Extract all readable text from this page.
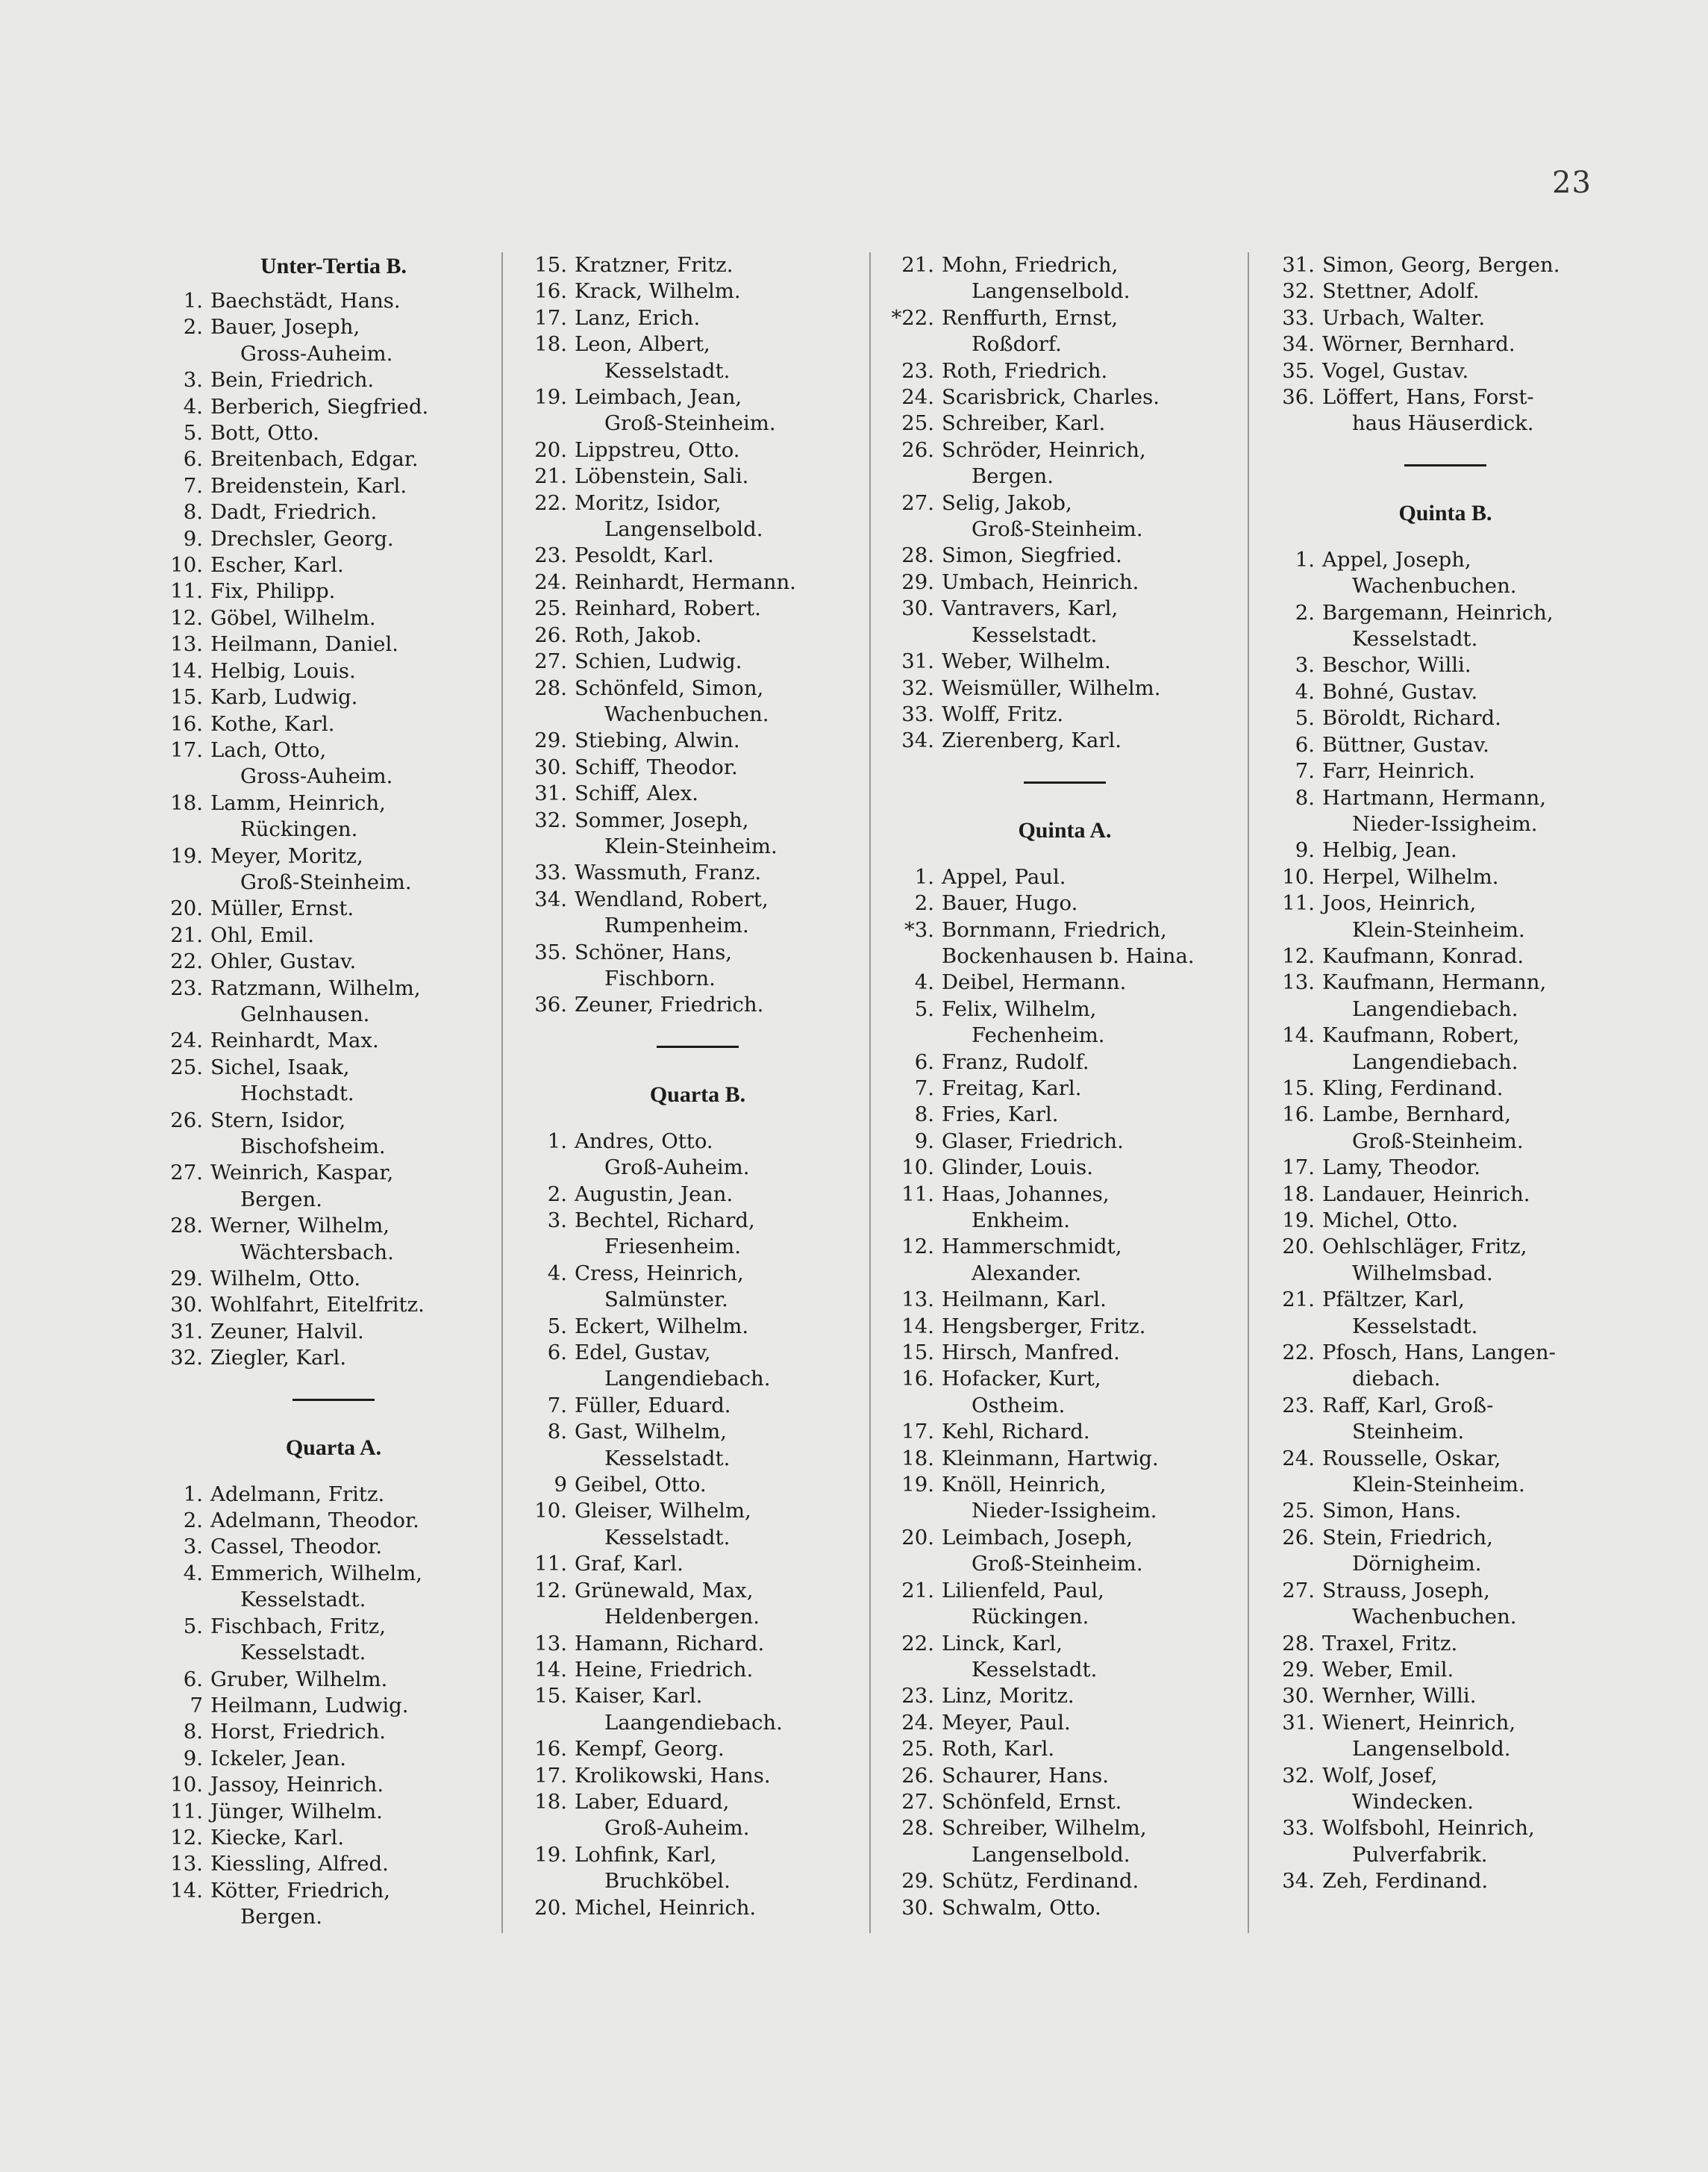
23
Unter-Tertia B.
1. Baechstädt, Hans.
2. Bauer, Joseph,
Gross-Auheim.
3. Bein, Friedrich.
4. Berberich, Siegfried.
5. Bott, Otto.
6. Breitenbach, Edgar.
7. Breidenstein, Karl.
8. Dadt, Friedrich.
9. Drechsler, Georg.
10. Escher, Karl.
11. Fix, Philipp.
12. Göbel, Wilhelm.
13. Heilmann, Daniel.
14. Helbig, Louis.
15. Karb, Ludwig.
16. Kothe, Karl.
17. Lach, Otto,
Gross-Auheim.
18. Lamm, Heinrich,
Rückingen.
19. Meyer, Moritz,
Groß-Steinheim.
20. Müller, Ernst.
21. Ohl, Emil.
22. Ohler, Gustav.
23. Ratzmann, Wilhelm,
Gelnhausen.
24. Reinhardt, Max.
25. Sichel, Isaak,
Hochstadt.
26. Stern, Isidor,
Bischofsheim.
27. Weinrich, Kaspar,
Bergen.
28. Werner, Wilhelm,
Wächtersbach.
29. Wilhelm, Otto.
30. Wohlfahrt, Eitelfritz.
31. Zeuner, Halvil.
32. Ziegler, Karl.
Quarta A.
1. Adelmann, Fritz.
2. Adelmann, Theodor.
3. Cassel, Theodor.
4. Emmerich, Wilhelm,
Kesselstadt.
5. Fischbach, Fritz,
Kesselstadt.
6. Gruber, Wilhelm.
7 Heilmann, Ludwig.
8. Horst, Friedrich.
9. Ickeler, Jean.
10. Jassoy, Heinrich.
11. Jünger, Wilhelm.
12. Kiecke, Karl.
13. Kiessling, Alfred.
14. Kötter, Friedrich,
Bergen.
15. Kratzner, Fritz.
16. Krack, Wilhelm.
17. Lanz, Erich.
18. Leon, Albert,
Kesselstadt.
19. Leimbach, Jean,
Groß-Steinheim.
20. Lippstreu, Otto.
21. Löbenstein, Sali.
22. Moritz, Isidor,
Langenselbold.
23. Pesoldt, Karl.
24. Reinhardt, Hermann.
25. Reinhard, Robert.
26. Roth, Jakob.
27. Schien, Ludwig.
28. Schönfeld, Simon,
Wachenbuchen.
29. Stiebing, Alwin.
30. Schiff, Theodor.
31. Schiff, Alex.
32. Sommer, Joseph,
Klein-Steinheim.
33. Wassmuth, Franz.
34. Wendland, Robert,
Rumpenheim.
35. Schöner, Hans,
Fischborn.
36. Zeuner, Friedrich.
Quarta B.
1. Andres, Otto.
Groß-Auheim.
2. Augustin, Jean.
3. Bechtel, Richard,
Friesenheim.
4. Cress, Heinrich,
Salmünster.
5. Eckert, Wilhelm.
6. Edel, Gustav,
Langendiebach.
7. Füller, Eduard.
8. Gast, Wilhelm,
Kesselstadt.
9 Geibel, Otto.
10. Gleiser, Wilhelm,
Kesselstadt.
11. Graf, Karl.
12. Grünewald, Max,
Heldenbergen.
13. Hamann, Richard.
14. Heine, Friedrich.
15. Kaiser, Karl.
Laangendiebach.
16. Kempf, Georg.
17. Krolikowski, Hans.
18. Laber, Eduard,
Groß-Auheim.
19. Lohfink, Karl,
Bruchköbel.
20. Michel, Heinrich.
21. Mohn, Friedrich,
Langenselbold.
*22. Renffurth, Ernst,
Roßdorf.
23. Roth, Friedrich.
24. Scarisbrick, Charles.
25. Schreiber, Karl.
26. Schröder, Heinrich,
Bergen.
27. Selig, Jakob,
Groß-Steinheim.
28. Simon, Siegfried.
29. Umbach, Heinrich.
30. Vantravers, Karl,
Kesselstadt.
31. Weber, Wilhelm.
32. Weismüller, Wilhelm.
33. Wolff, Fritz.
34. Zierenberg, Karl.
Quinta A.
1. Appel, Paul.
2. Bauer, Hugo.
*3. Bornmann, Friedrich,
Bockenhausen b. Haina.
4. Deibel, Hermann.
5. Felix, Wilhelm,
Fechenheim.
6. Franz, Rudolf.
7. Freitag, Karl.
8. Fries, Karl.
9. Glaser, Friedrich.
10. Glinder, Louis.
11. Haas, Johannes,
Enkheim.
12. Hammerschmidt,
Alexander.
13. Heilmann, Karl.
14. Hengsberger, Fritz.
15. Hirsch, Manfred.
16. Hofacker, Kurt,
Ostheim.
17. Kehl, Richard.
18. Kleinmann, Hartwig.
19. Knöll, Heinrich,
Nieder-Issigheim.
20. Leimbach, Joseph,
Groß-Steinheim.
21. Lilienfeld, Paul,
Rückingen.
22. Linck, Karl,
Kesselstadt.
23. Linz, Moritz.
24. Meyer, Paul.
25. Roth, Karl.
26. Schaurer, Hans.
27. Schönfeld, Ernst.
28. Schreiber, Wilhelm,
Langenselbold.
29. Schütz, Ferdinand.
30. Schwalm, Otto.
31. Simon, Georg, Bergen.
32. Stettner, Adolf.
33. Urbach, Walter.
34. Wörner, Bernhard.
35. Vogel, Gustav.
36. Löffert, Hans, Forst-
haus Häuserdick.
Quinta B.
1. Appel, Joseph,
Wachenbuchen.
2. Bargemann, Heinrich,
Kesselstadt.
3. Beschor, Willi.
4. Bohné, Gustav.
5. Böroldt, Richard.
6. Büttner, Gustav.
7. Farr, Heinrich.
8. Hartmann, Hermann,
Nieder-Issigheim.
9. Helbig, Jean.
10. Herpel, Wilhelm.
11. Joos, Heinrich,
Klein-Steinheim.
12. Kaufmann, Konrad.
13. Kaufmann, Hermann,
Langendiebach.
14. Kaufmann, Robert,
Langendiebach.
15. Kling, Ferdinand.
16. Lambe, Bernhard,
Groß-Steinheim.
17. Lamy, Theodor.
18. Landauer, Heinrich.
19. Michel, Otto.
20. Oehlschläger, Fritz,
Wilhelmsbad.
21. Pfältzer, Karl,
Kesselstadt.
22. Pfosch, Hans, Langen-
diebach.
23. Raff, Karl, Groß-
Steinheim.
24. Rousselle, Oskar,
Klein-Steinheim.
25. Simon, Hans.
26. Stein, Friedrich,
Dörnigheim.
27. Strauss, Joseph,
Wachenbuchen.
28. Traxel, Fritz.
29. Weber, Emil.
30. Wernher, Willi.
31. Wienert, Heinrich,
Langenselbold.
32. Wolf, Josef,
Windecken.
33. Wolfsbohl, Heinrich,
Pulverfabrik.
34. Zeh, Ferdinand.
